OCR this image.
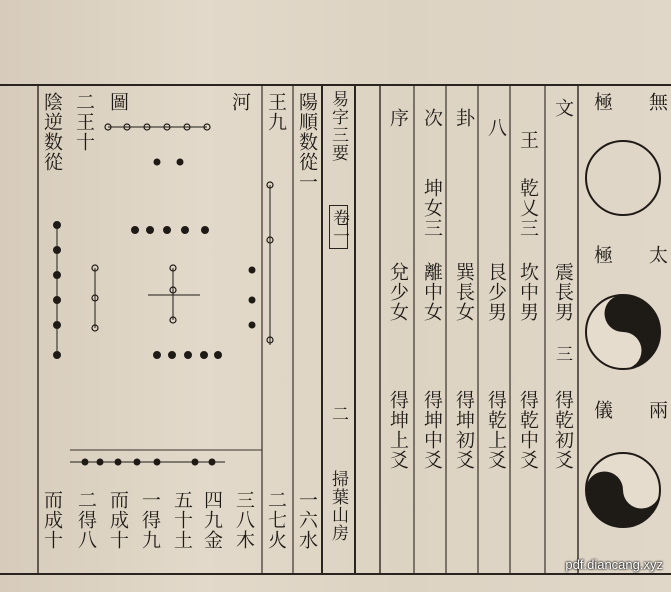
無
極
太
極
兩
儀
文
震長男
三
得乾初爻
王
乾乂三
坎中男
得乾中爻
八
艮少男
得乾上爻
卦
巽長女
得坤初爻
次
坤女三
離中女
得坤中爻
序
兌少女
得坤上爻
易字三要
卷一
二
掃葉山房
陽順数從一
王九
河
圖
二王十
陰逆数從
一六水
二七火
三八木
四九金
五十土
一得九
而成十
二得八
而成十
pdf.diancang.xyz
